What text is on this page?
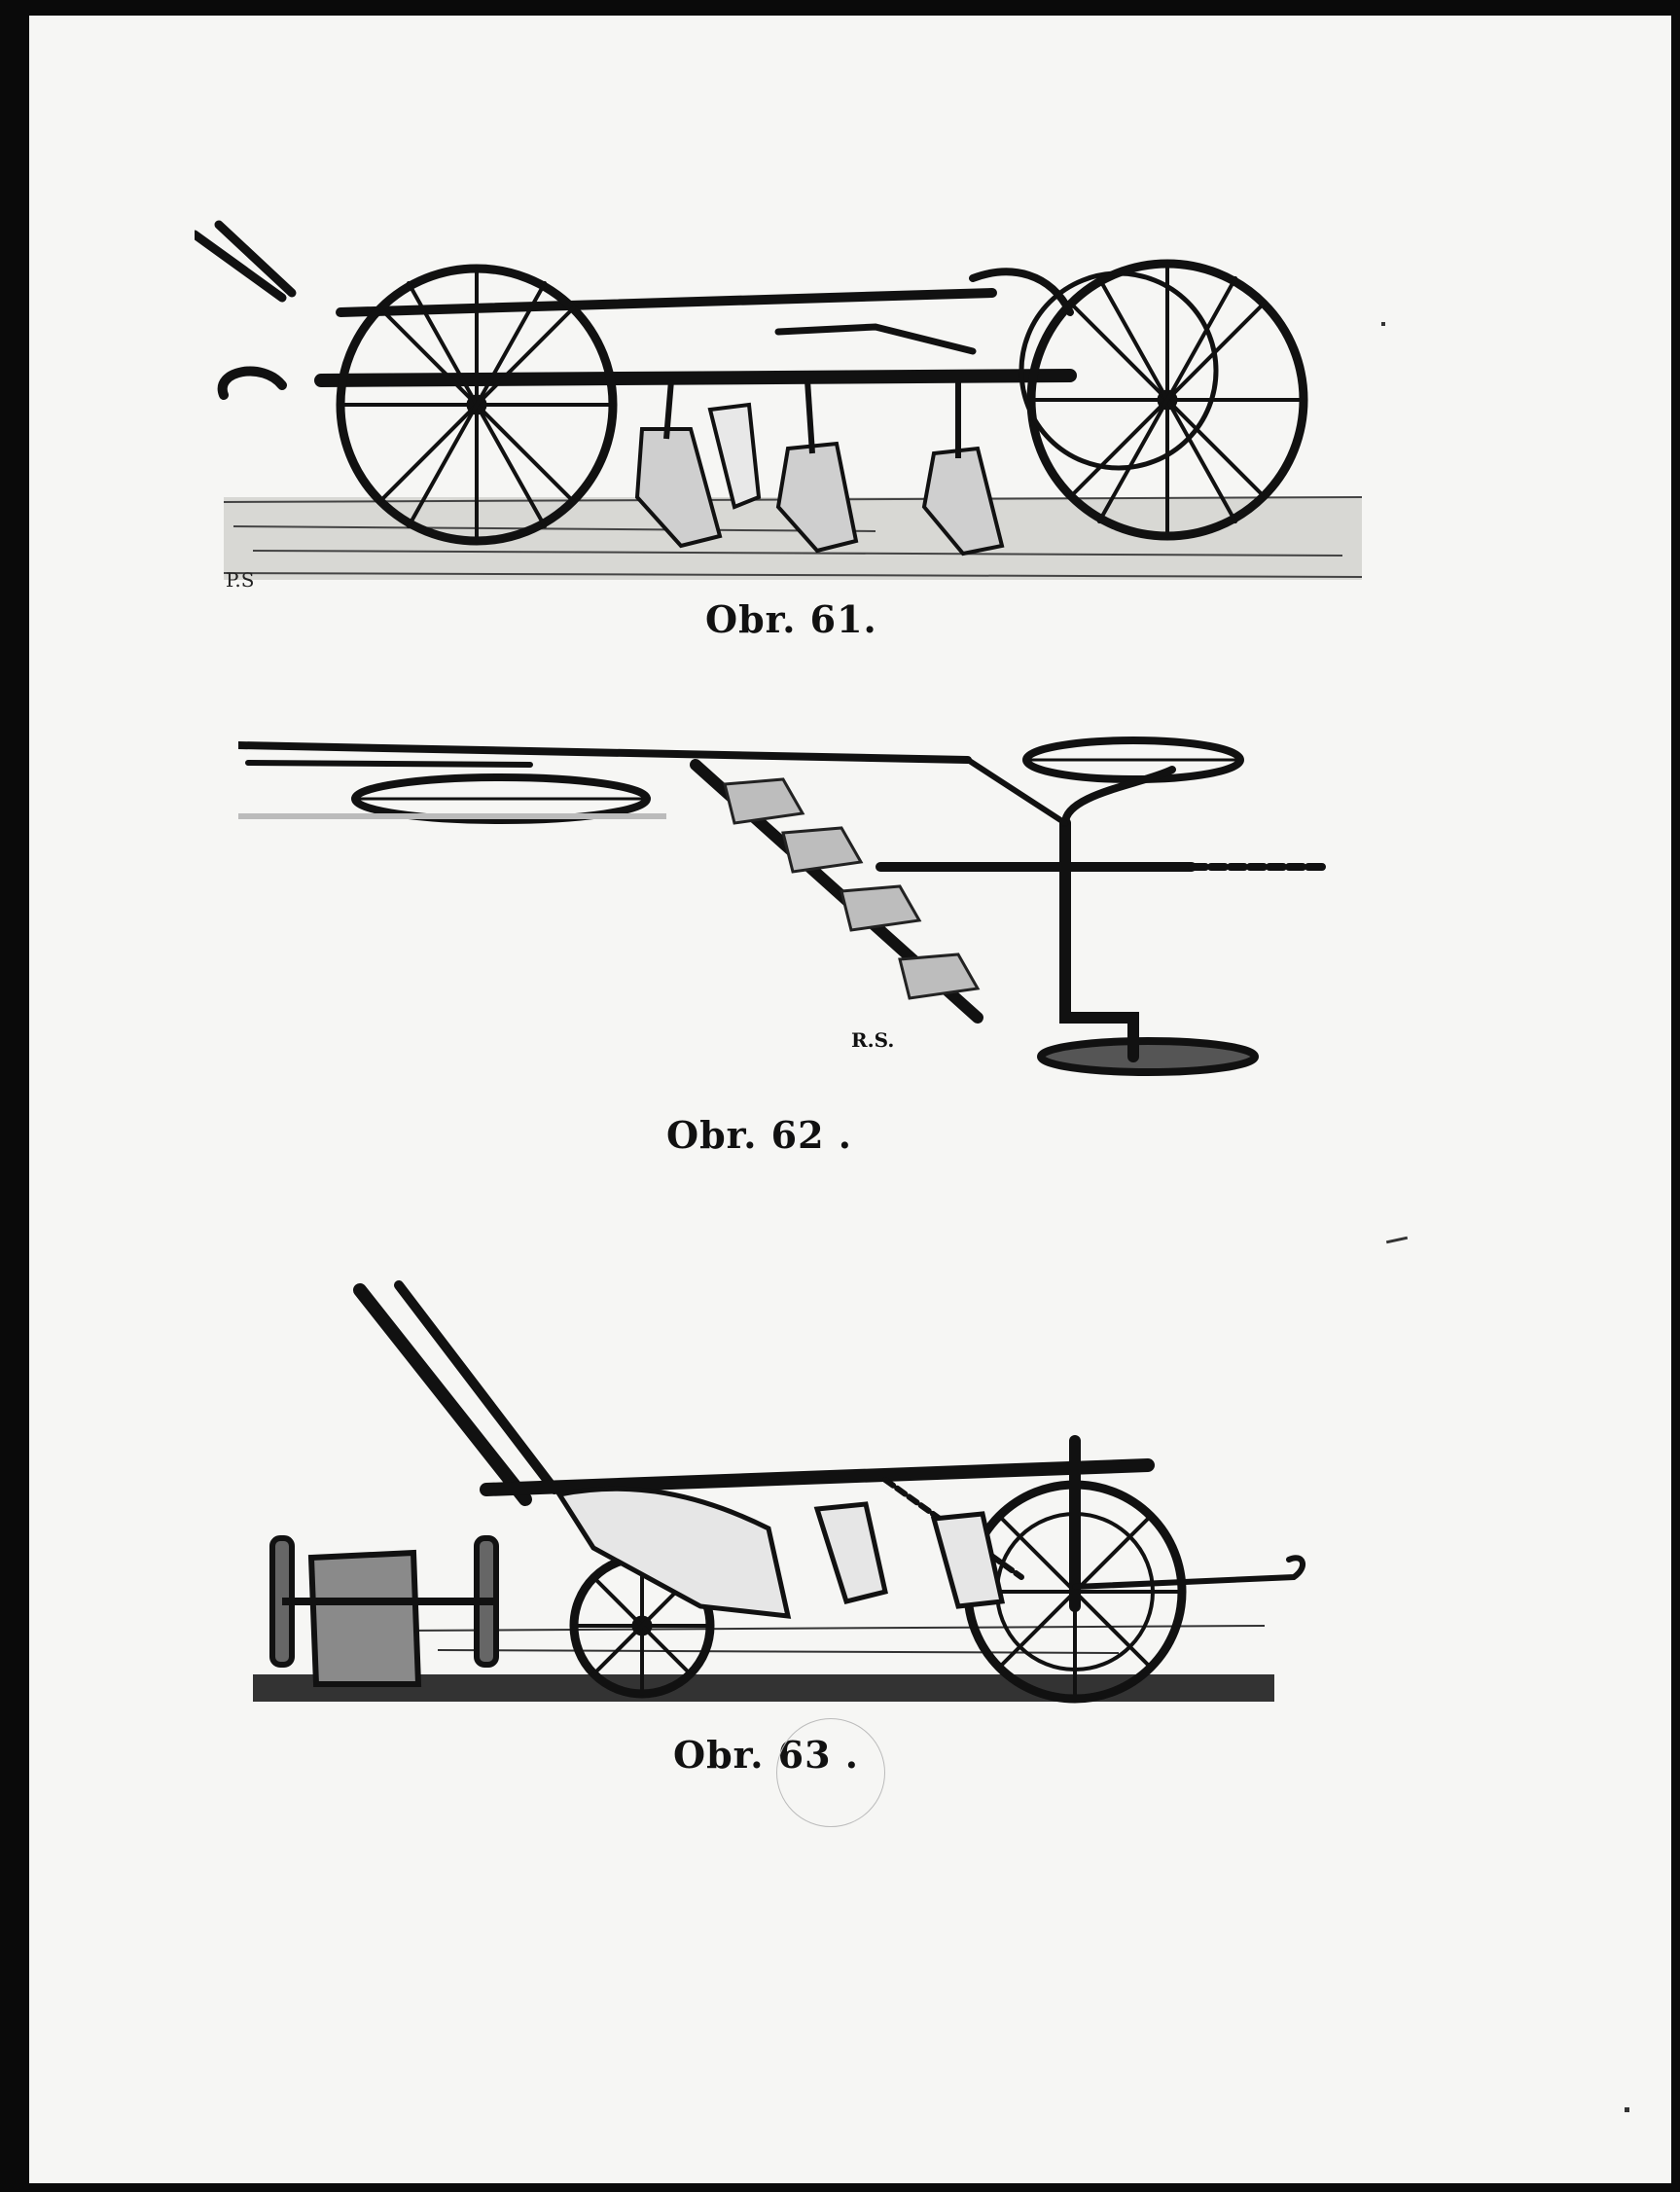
P.S
Obr. 61.
R.S.
Obr. 62 .
Obr. 63 .
